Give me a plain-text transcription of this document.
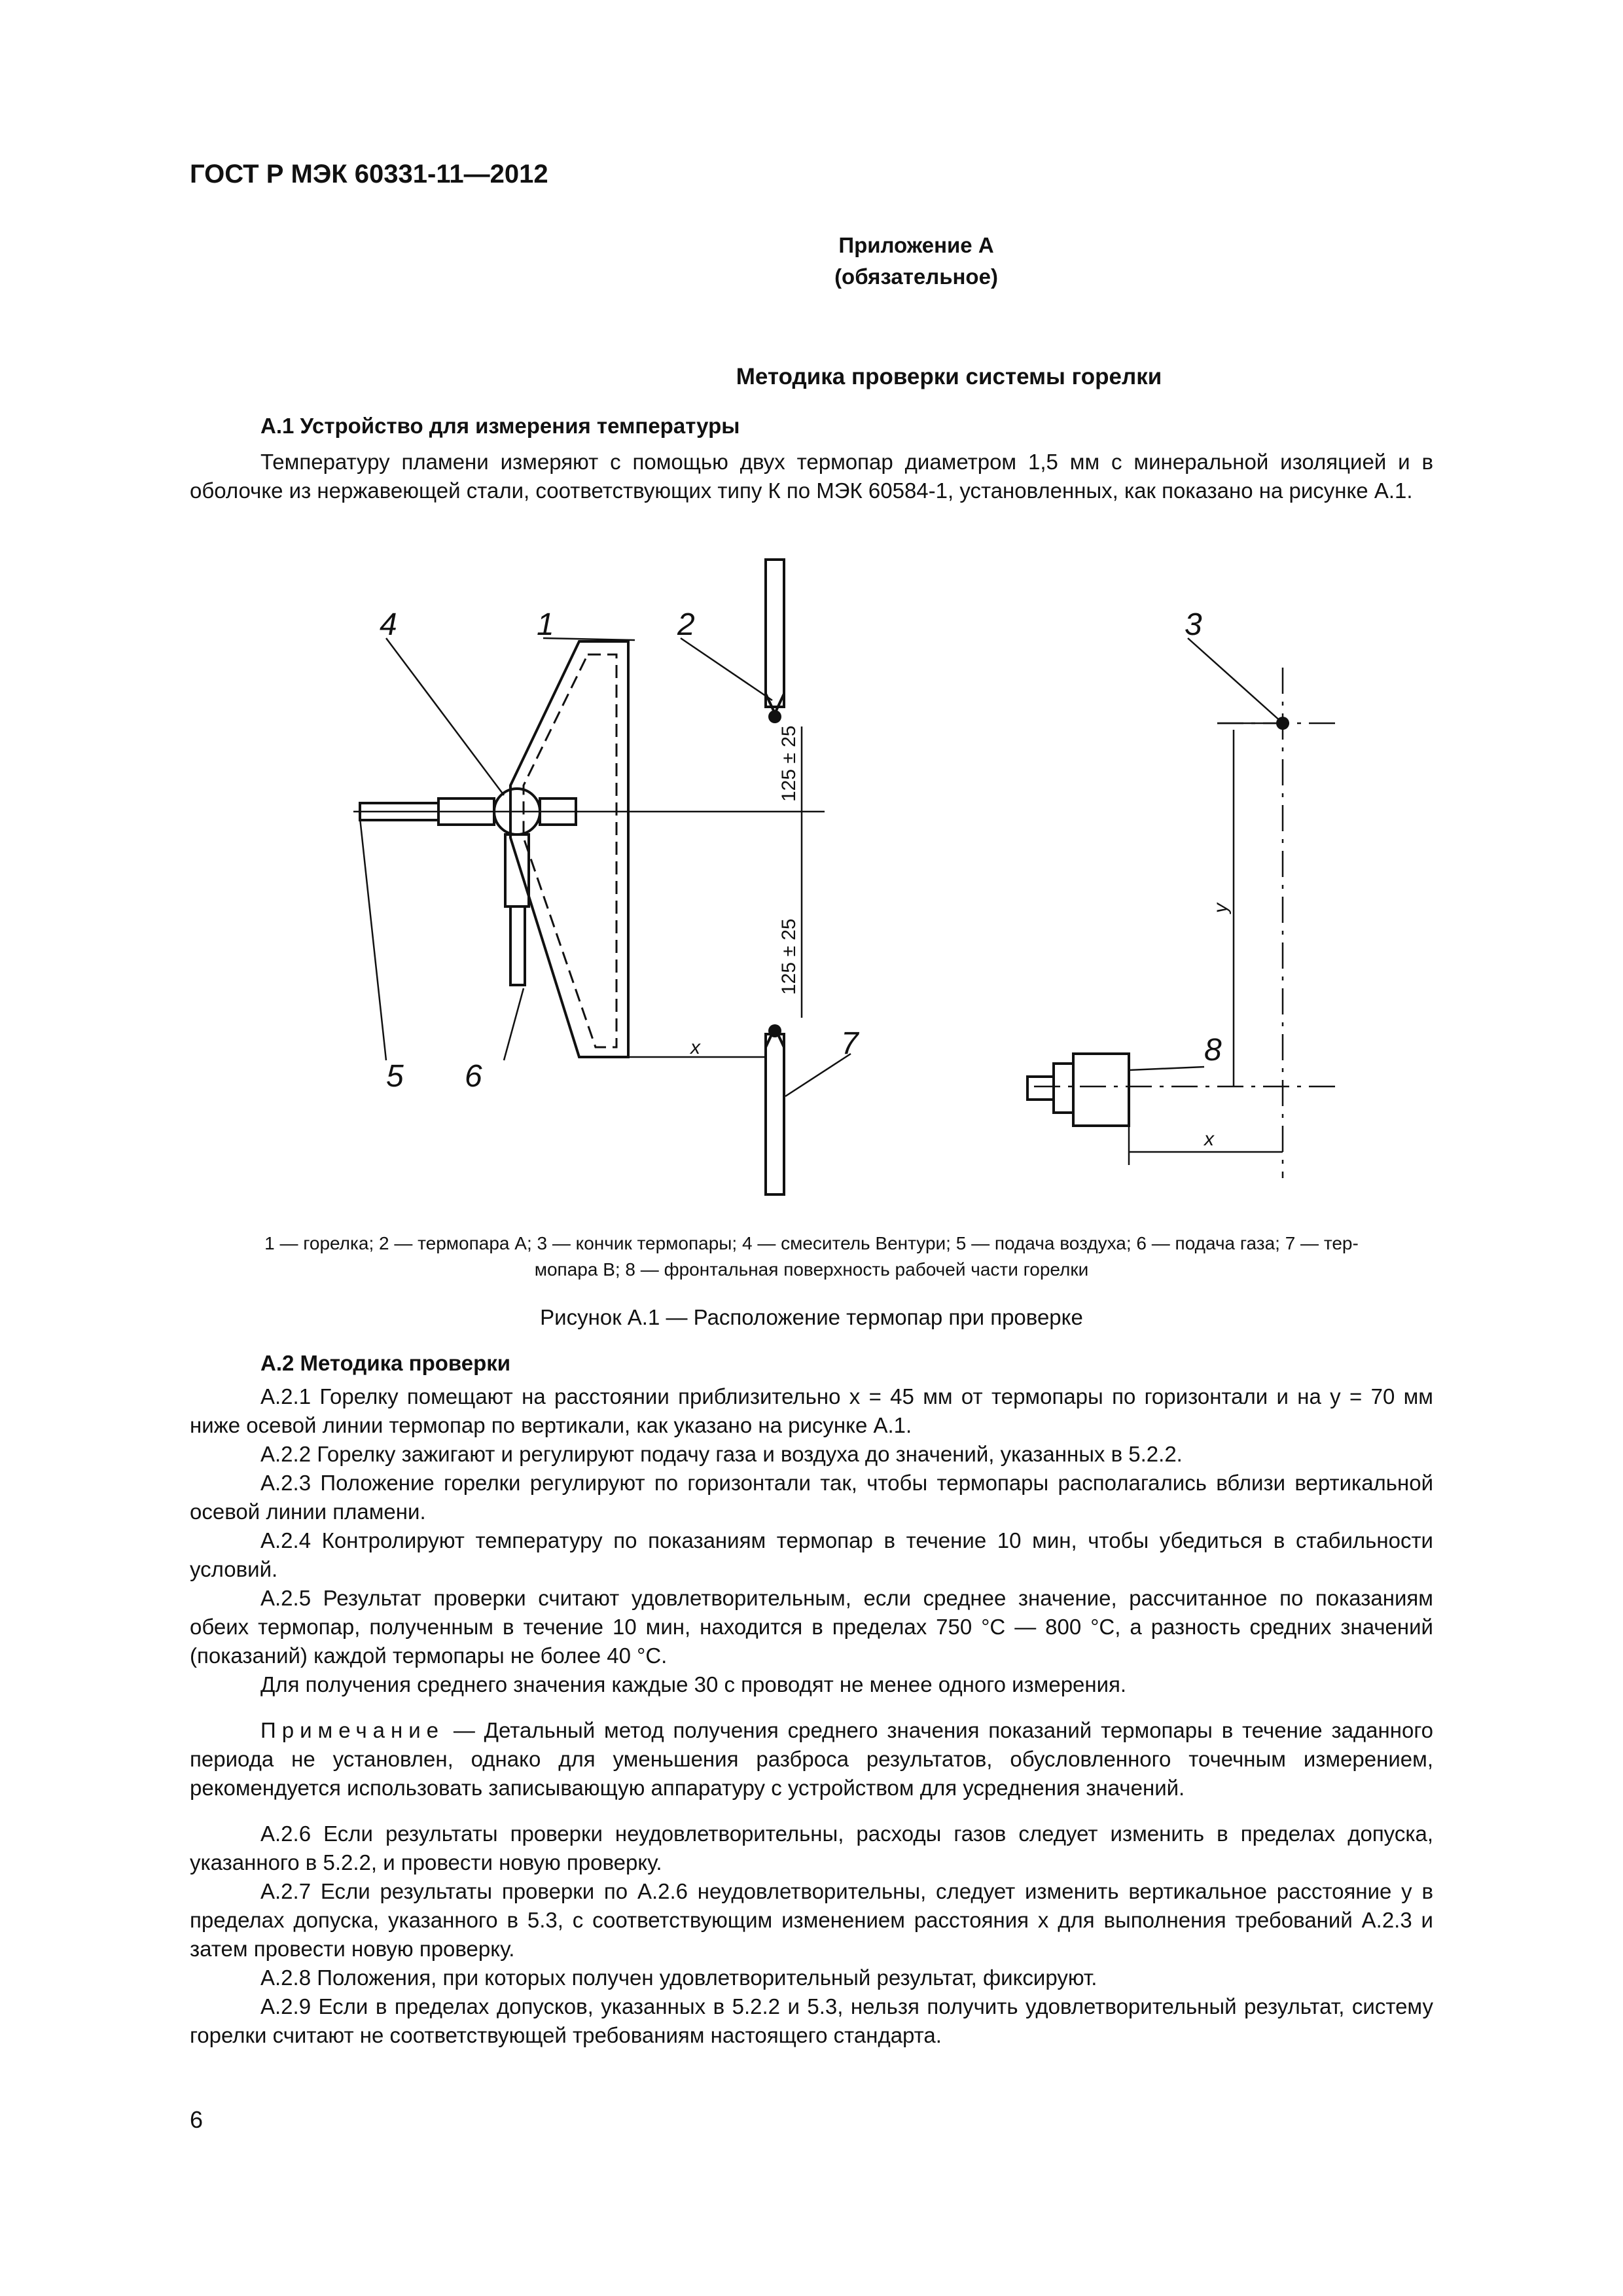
ГОСТ Р МЭК 60331-11—2012
Приложение А
(обязательное)
Методика проверки системы горелки
А.1 Устройство для измерения температуры

Температуру пламени измеряют с помощью двух термопар диаметром 1,5 мм с минеральной изоляцией и в оболочке из нержавеющей стали, соответствующих типу К по МЭК 60584-1, установленных, как показано на рисунке А.1.

4	1	2	3
5 6
7	8
125 ± 25
125 ± 25
x
y
x
1 — горелка; 2 — термопара А; 3 — кончик термопары; 4 — смеситель Вентури; 5 — подача воздуха; 6 — подача газа; 7 — тер-
мопара B; 8 — фронтальная поверхность рабочей части горелки
Рисунок А.1 — Расположение термопар при проверке
А.2 Методика проверки

А.2.1 Горелку помещают на расстоянии приблизительно x = 45 мм от термопары по горизонтали и на y = 70 мм ниже осевой линии термопар по вертикали, как указано на рисунке А.1.

А.2.2 Горелку зажигают и регулируют подачу газа и воздуха до значений, указанных в 5.2.2.

А.2.3 Положение горелки регулируют по горизонтали так, чтобы термопары располагались вблизи вертикальной осевой линии пламени.

А.2.4 Контролируют температуру по показаниям термопар в течение 10 мин, чтобы убедиться в стабильности условий.

А.2.5 Результат проверки считают удовлетворительным, если среднее значение, рассчитанное по показаниям обеих термопар, полученным в течение 10 мин, находится в пределах 750 °С — 800 °С, а разность средних значений (показаний) каждой термопары не более 40 °С.

Для получения среднего значения каждые 30 с проводят не менее одного измерения.

Примечание — Детальный метод получения среднего значения показаний термопары в течение заданного периода не установлен, однако для уменьшения разброса результатов, обусловленного точечным измерением, рекомендуется использовать записывающую аппаратуру с устройством для усреднения значений.

А.2.6 Если результаты проверки неудовлетворительны, расходы газов следует изменить в пределах допуска, указанного в 5.2.2, и провести новую проверку.

А.2.7 Если результаты проверки по А.2.6 неудовлетворительны, следует изменить вертикальное расстояние y в пределах допуска, указанного в 5.3, с соответствующим изменением расстояния x для выполнения требований А.2.3 и затем провести новую проверку.

А.2.8 Положения, при которых получен удовлетворительный результат, фиксируют.

А.2.9 Если в пределах допусков, указанных в 5.2.2 и 5.3, нельзя получить удовлетворительный результат, систему горелки считают не соответствующей требованиям настоящего стандарта.

6
